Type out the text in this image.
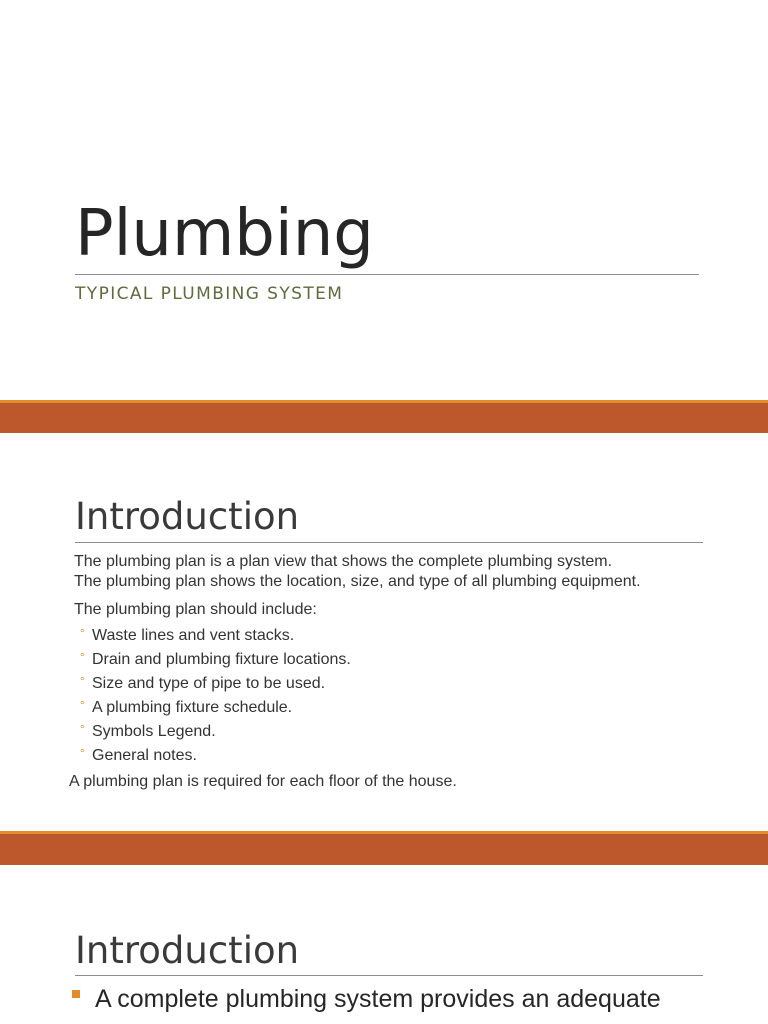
Plumbing
TYPICAL PLUMBING SYSTEM
Introduction
The plumbing plan is a plan view that shows the complete plumbing system.
The plumbing plan shows the location, size, and type of all plumbing equipment.
The plumbing plan should include:
° Waste lines and vent stacks.
° Drain and plumbing fixture locations.
° Size and type of pipe to be used.
° A plumbing fixture schedule.
° Symbols Legend.
° General notes.
A plumbing plan is required for each floor of the house.
Introduction
A complete plumbing system provides an adequate
